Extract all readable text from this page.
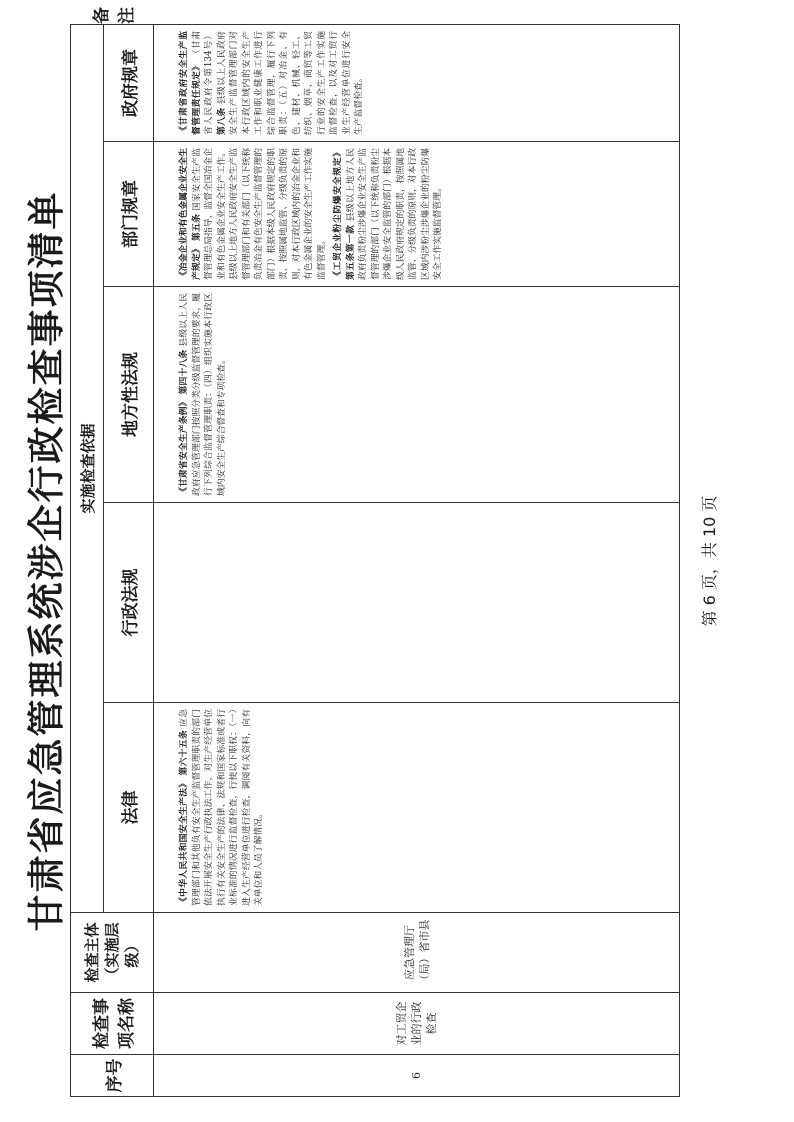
甘肃省应急管理系统涉企行政检查事项清单
序号	检查事项名称	检查主体（实施层级）	实施检查依据					备注
			法律	行政法规	地方性法规	部门规章	政府规章	

6	对工贸企业的行政检查	应急管理厅（局）省市县	《中华人民共和国安全生产法》 第六十五条 应急管理部门和其他负有安全生产监督管理职责的部门依法开展安全生产行政执法工作，对生产经营单位执行有关安全生产的法律、法规和国家标准或者行业标准的情况进行监督检查，行使以下职权：（一）进入生产经营单位进行检查，调阅有关资料，向有关单位和人员了解情况。		《甘肃省安全生产条例》 第四十八条 县级以上人民政府应急管理部门按照分类分级监督管理的要求，履行下列综合监督管理职责：（四）组织实施本行政区域内安全生产综合督查和专项检查。	《冶金企业和有色金属企业安全生产规定》 第五条 国家安全生产监督管理总局指导、监督全国冶金企业和有色金属企业安全生产工作。县级以上地方人民政府安全生产监督管理部门和有关部门（以下统称负责冶金有色安全生产监督管理的部门）根据本级人民政府规定的职责，按照属地监管、分级负责的原则，对本行政区域内的冶金企业和有色金属企业的安全生产工作实施监督管理。 《工贸企业粉尘防爆安全规定》 第五条第一款 县级以上地方人民政府负责粉尘涉爆企业安全生产监督管理的部门（以下统称负责粉尘涉爆企业安全监管的部门）根据本级人民政府规定的职责，按照属地监管、分级负责的原则，对本行政区域内涉粉尘涉爆企业的粉尘防爆安全工作实施监督管理。	《甘肃省政府安全生产监督管理责任规定》 （甘肃省人民政府令第134号） 第八条 县级以上人民政府安全生产监督管理部门对本行政区域内的安全生产工作和职业健康工作进行综合监督管理，履行下列职责：（五）对冶金、有色、建材、机械、轻工、纺织、烟草、商贸等工贸行业的安全生产工作实施监督检查，以及对工贸行业生产经营单位进行安全生产监督检查。	

第 6 页，共 10 页
